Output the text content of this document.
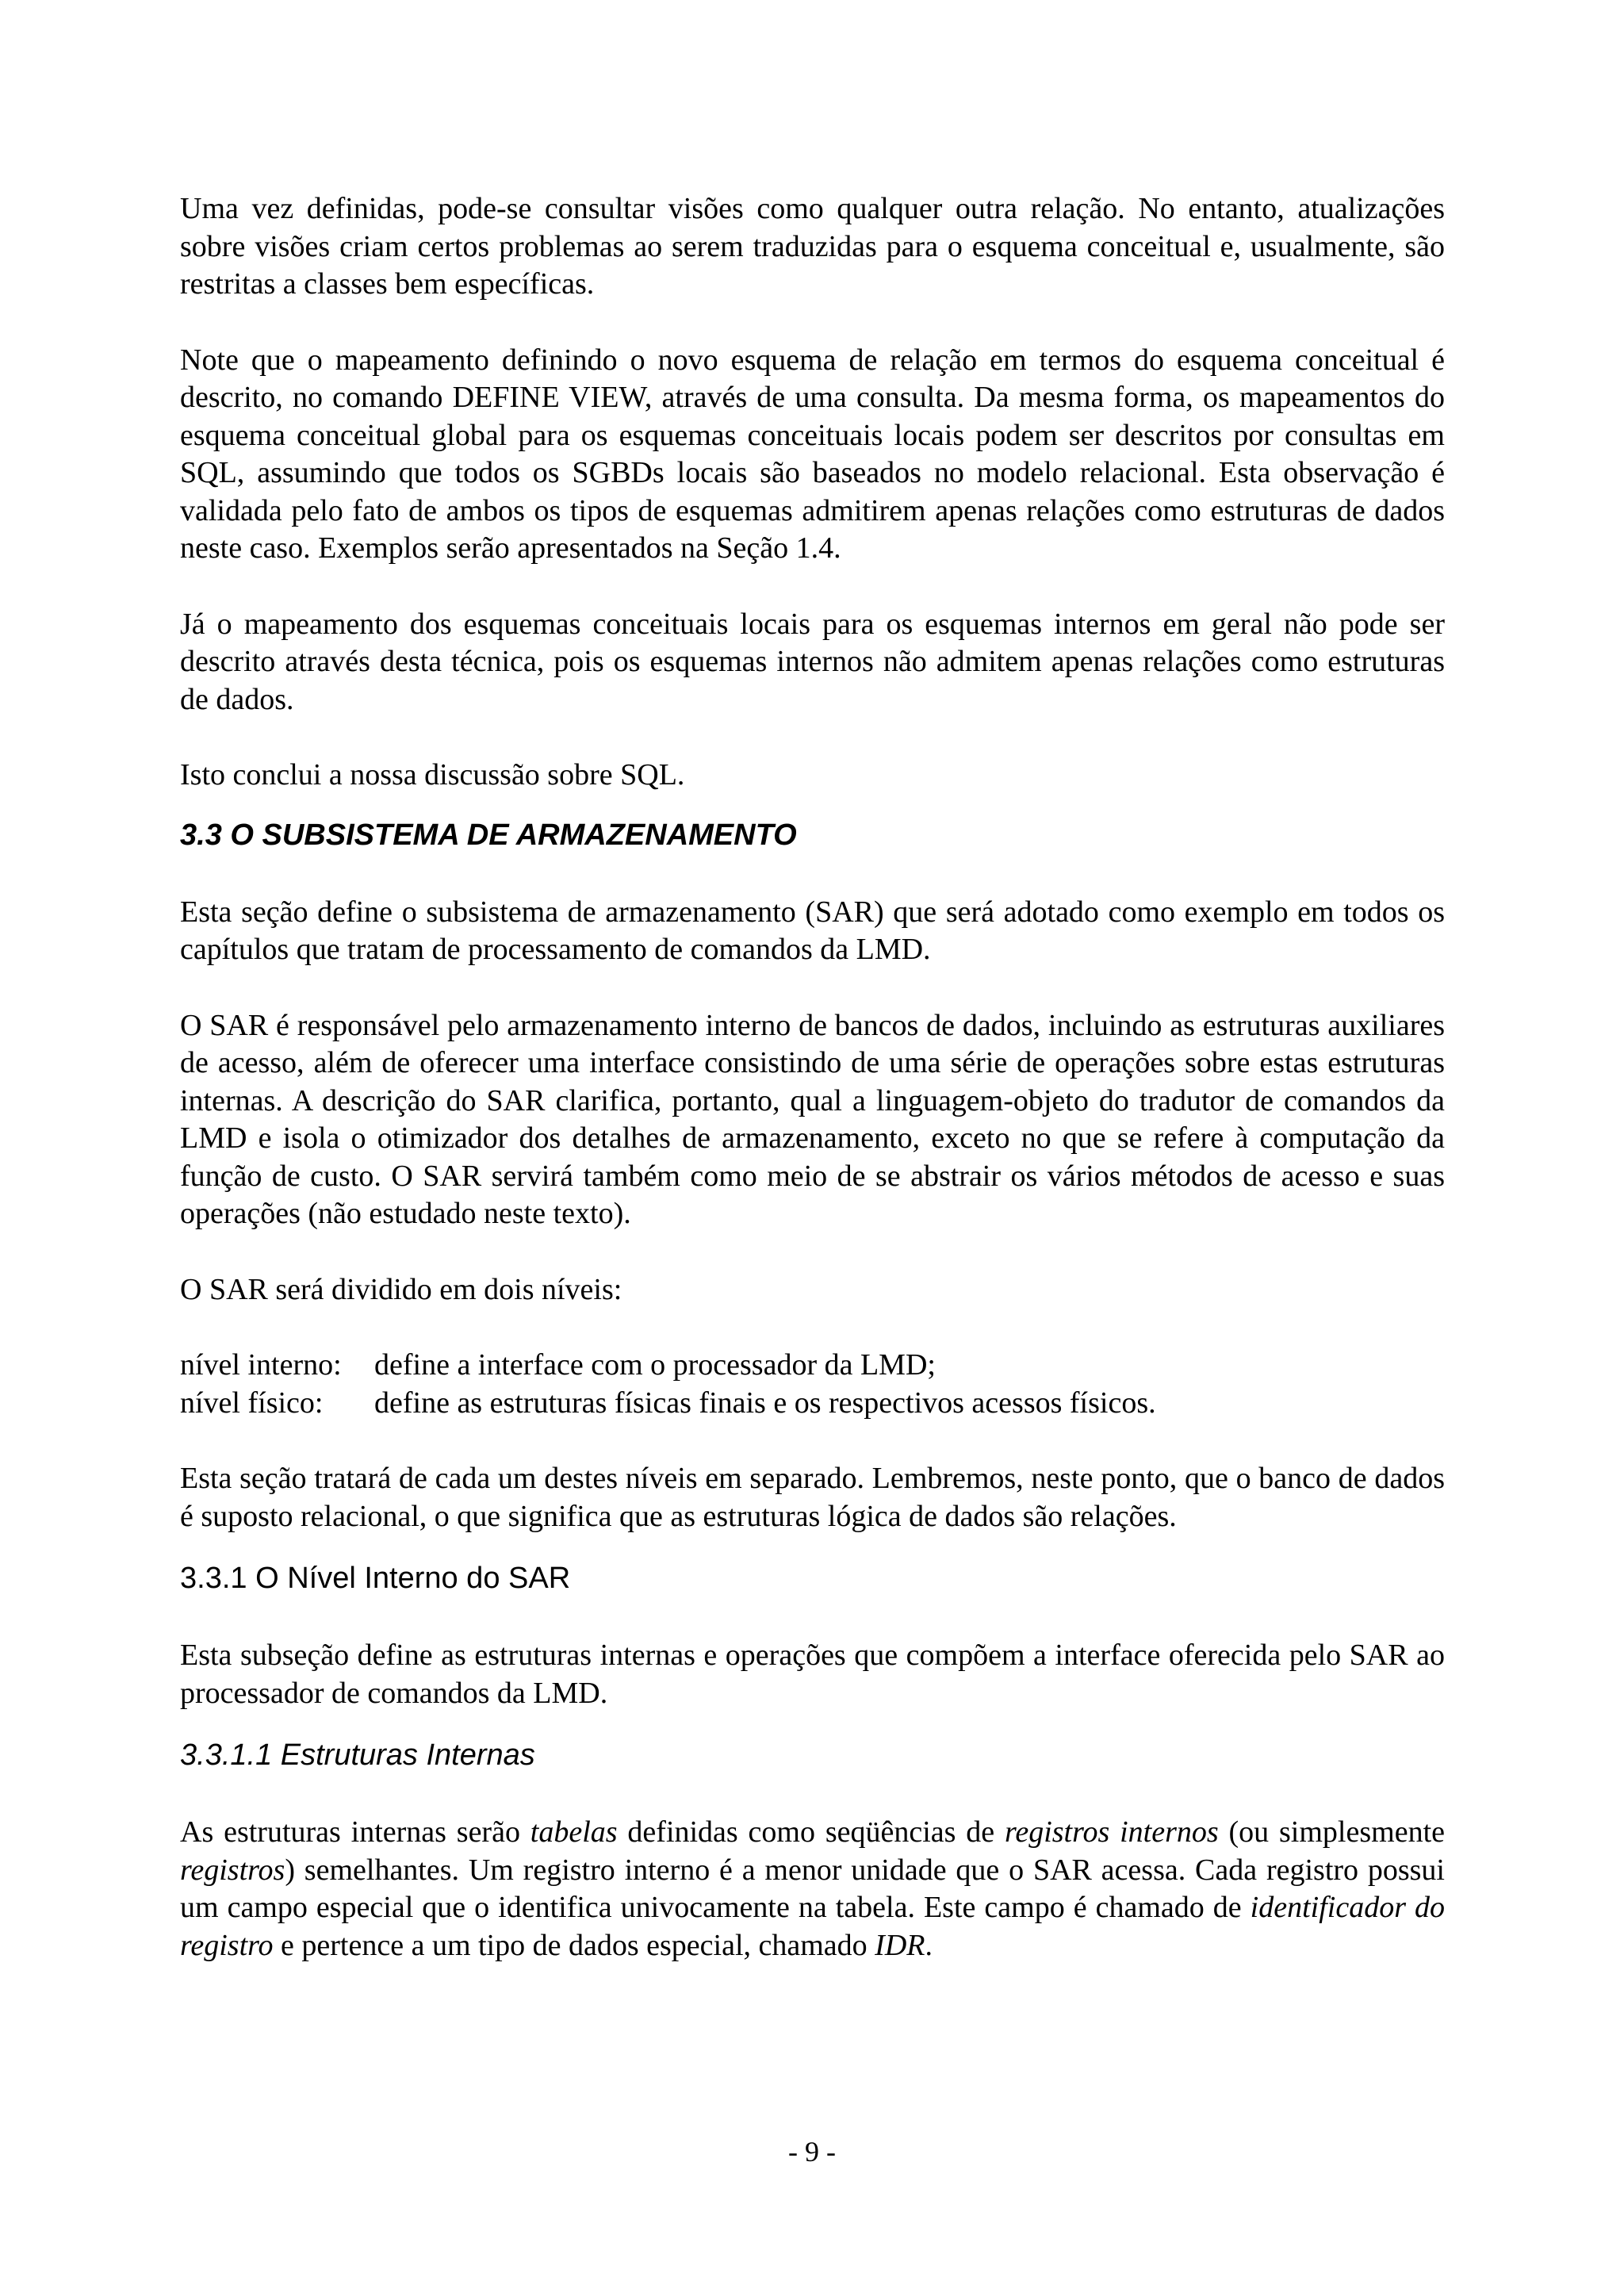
Uma vez definidas, pode-se consultar visões como qualquer outra relação. No entanto, atualizações sobre visões criam certos problemas ao serem traduzidas para o esquema conceitual e, usualmente, são restritas a classes bem específicas.

Note que o mapeamento definindo o novo esquema de relação em termos do esquema conceitual é descrito, no comando DEFINE VIEW, através de uma consulta. Da mesma forma, os mapeamentos do esquema conceitual global para os esquemas conceituais locais podem ser descritos por consultas em SQL, assumindo que todos os SGBDs locais são baseados no modelo relacional. Esta observação é validada pelo fato de ambos os tipos de esquemas admitirem apenas relações como estruturas de dados neste caso. Exemplos serão apresentados na Seção 1.4.

Já o mapeamento dos esquemas conceituais locais para os esquemas internos em geral não pode ser descrito através desta técnica, pois os esquemas internos não admitem apenas relações como estruturas de dados.

Isto conclui a nossa discussão sobre SQL.

3.3 O SUBSISTEMA DE ARMAZENAMENTO

Esta seção define o subsistema de armazenamento (SAR) que será adotado como exemplo em todos os capítulos que tratam de processamento de comandos da LMD.

O SAR é responsável pelo armazenamento interno de bancos de dados, incluindo as estruturas auxiliares de acesso, além de oferecer uma interface consistindo de uma série de operações sobre estas estruturas internas. A descrição do SAR clarifica, portanto, qual a linguagem-objeto do tradutor de comandos da LMD e isola o otimizador dos detalhes de armazenamento, exceto no que se refere à computação da função de custo. O SAR servirá também como meio de se abstrair os vários métodos de acesso e suas operações (não estudado neste texto).

O SAR será dividido em dois níveis:

nível interno:	define a interface com o processador da LMD;
nível físico:	define as estruturas físicas finais e os respectivos acessos físicos.

Esta seção tratará de cada um destes níveis em separado. Lembremos, neste ponto, que o banco de dados é suposto relacional, o que significa que as estruturas lógica de dados são relações.

3.3.1 O Nível Interno do SAR

Esta subseção define as estruturas internas e operações que compõem a interface oferecida pelo SAR ao processador de comandos da LMD.

3.3.1.1 Estruturas Internas

As estruturas internas serão tabelas definidas como seqüências de registros internos (ou simplesmente registros) semelhantes. Um registro interno é a menor unidade que o SAR acessa. Cada registro possui um campo especial que o identifica univocamente na tabela. Este campo é chamado de identificador do registro e pertence a um tipo de dados especial, chamado IDR.

- 9 -
